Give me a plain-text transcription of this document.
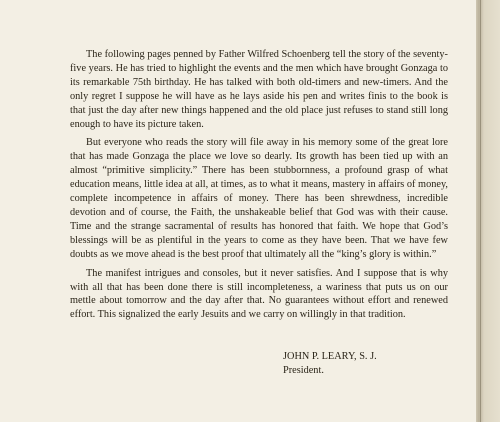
The following pages penned by Father Wilfred Schoenberg tell the story of the seventy-five years. He has tried to highlight the events and the men which have brought Gonzaga to its remarkable 75th birthday. He has talked with both old-timers and new-timers. And the only regret I suppose he will have as he lays aside his pen and writes finis to the book is that just the day after new things happened and the old place just refuses to stand still long enough to have its picture taken.

But everyone who reads the story will file away in his memory some of the great lore that has made Gonzaga the place we love so dearly. Its growth has been tied up with an almost “primitive simplicity.” There has been stubbornness, a profound grasp of what education means, little idea at all, at times, as to what it means, mastery in affairs of money, complete incompetence in affairs of money. There has been shrewdness, incredible devotion and of course, the Faith, the unshakeable belief that God was with their cause. Time and the strange sacramental of results has honored that faith. We hope that God’s blessings will be as plentiful in the years to come as they have been. That we have few doubts as we move ahead is the best proof that ultimately all the “king’s glory is within.”

The manifest intrigues and consoles, but it never satisfies. And I suppose that is why with all that has been done there is still incompleteness, a wariness that puts us on our mettle about tomorrow and the day after that. No guarantees without effort and renewed effort. This signalized the early Jesuits and we carry on willingly in that tradition.

JOHN P. LEARY, S. J.
President.
